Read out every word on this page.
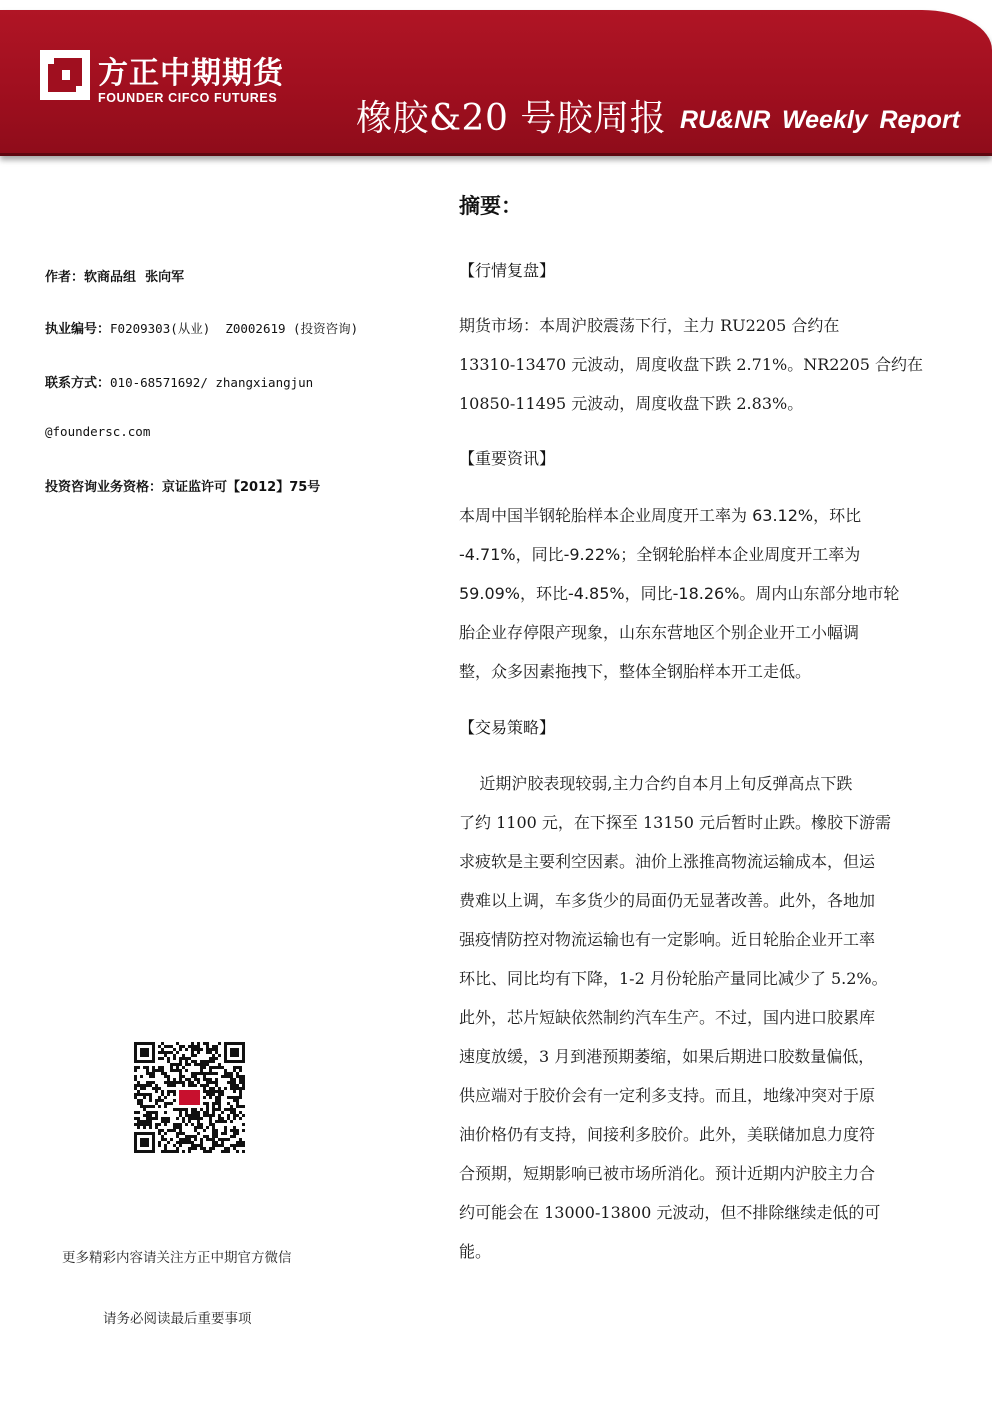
方正中期期货
FOUNDER CIFCO FUTURES 橡胶&20 号胶周报 RU&NR Weekly Report
作者：软商品组  张向军
执业编号：F0209303(从业)  Z0002619 (投资咨询)
联系方式：010-68571692/ zhangxiangjun
@foundersc.com
投资咨询业务资格：京证监许可【2012】75号
更多精彩内容请关注方正中期官方微信
请务必阅读最后重要事项
摘要：
【行情复盘】
期货市场：本周沪胶震荡下行，主力 RU2205 合约在
13310-13470 元波动，周度收盘下跌 2.71%。NR2205 合约在
10850-11495 元波动，周度收盘下跌 2.83%。
【重要资讯】
本周中国半钢轮胎样本企业周度开工率为 63.12%，环比
-4.71%，同比-9.22%；全钢轮胎样本企业周度开工率为
59.09%，环比-4.85%，同比-18.26%。周内山东部分地市轮
胎企业存停限产现象，山东东营地区个别企业开工小幅调
整，众多因素拖拽下，整体全钢胎样本开工走低。
【交易策略】
近期沪胶表现较弱,主力合约自本月上旬反弹高点下跌
了约 1100 元，在下探至 13150 元后暂时止跌。橡胶下游需
求疲软是主要利空因素。油价上涨推高物流运输成本，但运
费难以上调，车多货少的局面仍无显著改善。此外，各地加
强疫情防控对物流运输也有一定影响。近日轮胎企业开工率
环比、同比均有下降，1-2 月份轮胎产量同比减少了 5.2%。
此外，芯片短缺依然制约汽车生产。不过，国内进口胶累库
速度放缓，3 月到港预期萎缩，如果后期进口胶数量偏低，
供应端对于胶价会有一定利多支持。而且，地缘冲突对于原
油价格仍有支持，间接利多胶价。此外，美联储加息力度符
合预期，短期影响已被市场所消化。预计近期内沪胶主力合
约可能会在 13000-13800 元波动，但不排除继续走低的可
能。
